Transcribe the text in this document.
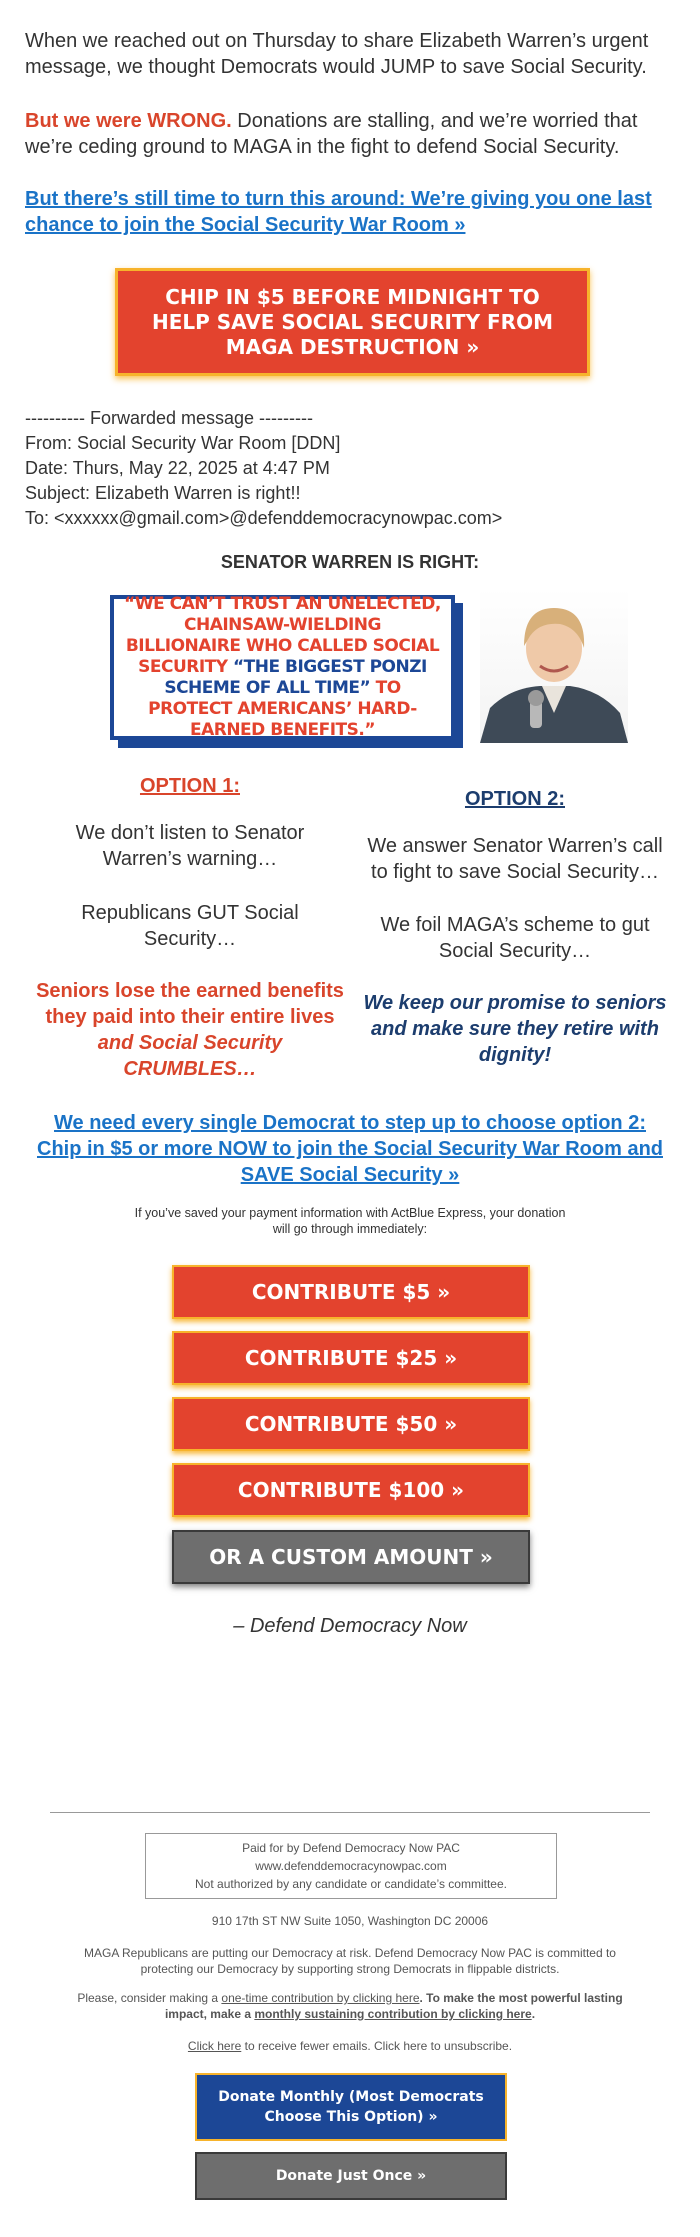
When we reached out on Thursday to share Elizabeth Warren’s urgent message, we thought Democrats would JUMP to save Social Security.
But we were WRONG. Donations are stalling, and we’re worried that we’re ceding ground to MAGA in the fight to defend Social Security.
But there’s still time to turn this around: We’re giving you one last chance to join the Social Security War Room »
CHIP IN $5 BEFORE MIDNIGHT TO HELP SAVE SOCIAL SECURITY FROM MAGA DESTRUCTION »
---------- Forwarded message ---------
From: Social Security War Room [DDN]
Date: Thurs, May 22, 2025 at 4:47 PM
Subject: Elizabeth Warren is right!!
To: <xxxxxx@gmail.com>@defenddemocracynowpac.com>
SENATOR WARREN IS RIGHT:
“WE CAN’T TRUST AN UNELECTED, CHAINSAW-WIELDING BILLIONAIRE WHO CALLED SOCIAL SECURITY “THE BIGGEST PONZI SCHEME OF ALL TIME” TO PROTECT AMERICANS’ HARD-EARNED BENEFITS.”
OPTION 1:
We don’t listen to Senator Warren’s warning…
Republicans GUT Social Security…
Seniors lose the earned benefits they paid into their entire lives and Social Security CRUMBLES…
OPTION 2:
We answer Senator Warren’s call to fight to save Social Security…
We foil MAGA’s scheme to gut Social Security…
We keep our promise to seniors and make sure they retire with dignity!
We need every single Democrat to step up to choose option 2: Chip in $5 or more NOW to join the Social Security War Room and SAVE Social Security »
If you’ve saved your payment information with ActBlue Express, your donation will go through immediately:
CONTRIBUTE $5 »
CONTRIBUTE $25 »
CONTRIBUTE $50 »
CONTRIBUTE $100 »
OR A CUSTOM AMOUNT »
– Defend Democracy Now
Paid for by Defend Democracy Now PAC
www.defenddemocracynowpac.com
Not authorized by any candidate or candidate’s committee.
910 17th ST NW Suite 1050, Washington DC 20006
MAGA Republicans are putting our Democracy at risk. Defend Democracy Now PAC is committed to protecting our Democracy by supporting strong Democrats in flippable districts.
Please, consider making a one-time contribution by clicking here. To make the most powerful lasting impact, make a monthly sustaining contribution by clicking here.
Click here to receive fewer emails. Click here to unsubscribe.
Donate Monthly (Most Democrats Choose This Option) »
Donate Just Once »
